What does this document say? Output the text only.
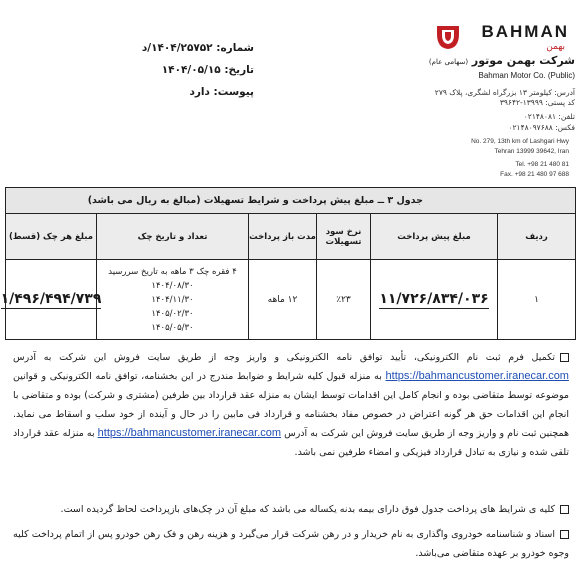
BAHMAN
بهمن
شرکت بهمن موتور (سهامی عام)
Bahman Motor Co. (Public)
آدرس: کیلومتر ۱۳ بزرگراه لشگری، پلاک ۲۷۹
کد پستی: ۱۳۹۹۹-۳۹۶۴۲
تلفن: ۰۲۱۴۸۰۸۱
فکس: ۰۲۱۴۸۰۹۷۶۸۸
No. 279, 13th km of Lashgari Hwy
Tehran 13999 39642, Iran
Tel. +98 21 480 81
Fax. +98 21 480 97 688
شماره: ۱۴۰۴/۲۵۷۵۲/د
تاریخ: ۱۴۰۴/۰۵/۱۵
پیوست: دارد
جدول ۳ ــ مبلغ پیش پرداخت و شرایط تسهیلات (مبالغ به ریال می باشد)
ردیف
مبلغ پیش پرداخت
نرخ سود تسهیلات
مدت باز پرداخت
تعداد و تاریخ چک
مبلغ هر چک (قسط)
۱
۱۱/۷۲۶/۸۳۴/۰۳۶
٪۲۳
۱۲ ماهه
۴ فقره چک ۳ ماهه به تاریخ سررسید
۱۴۰۴/۰۸/۳۰
۱۴۰۴/۱۱/۳۰
۱۴۰۵/۰۲/۳۰
۱۴۰۵/۰۵/۳۰
۱/۴۹۶/۴۹۴/۷۳۹
تکمیل فرم ثبت نام الکترونیکی، تأیید توافق نامه الکترونیکی و واریز وجه از طریق سایت فروش این شرکت به آدرس https://bahmancustomer.iranecar.com به منزله قبول کلیه شرایط و ضوابط مندرج در این بخشنامه، توافق نامه الکترونیکی و قوانین موضوعه توسط متقاضی بوده و انجام کامل این اقدامات توسط ایشان به منزله عقد قرارداد بین طرفین (مشتری و شرکت) بوده و متقاضی با انجام این اقدامات حق هر گونه اعتراض در خصوص مفاد بخشنامه و قرارداد فی مابین را در حال و آینده از خود سلب و اسقاط می نماید. همچنین ثبت نام و واریز وجه از طریق سایت فروش این شرکت به آدرس https://bahmancustomer.iranecar.com به منزله عقد قرارداد تلقی شده و نیازی به تبادل قرارداد فیزیکی و امضاء طرفین نمی باشد.
کلیه ی شرایط های پرداخت جدول فوق دارای بیمه بدنه یکساله می باشد که مبلغ آن در چک‌های بازپرداخت لحاظ گردیده است.
اسناد و شناسنامه خودروی واگذاری به نام خریدار و در رهن شرکت قرار می‌گیرد و هزینه رهن و فک رهن خودرو پس از اتمام پرداخت کلیه وجوه خودرو بر عهده متقاضی می‌باشد.
